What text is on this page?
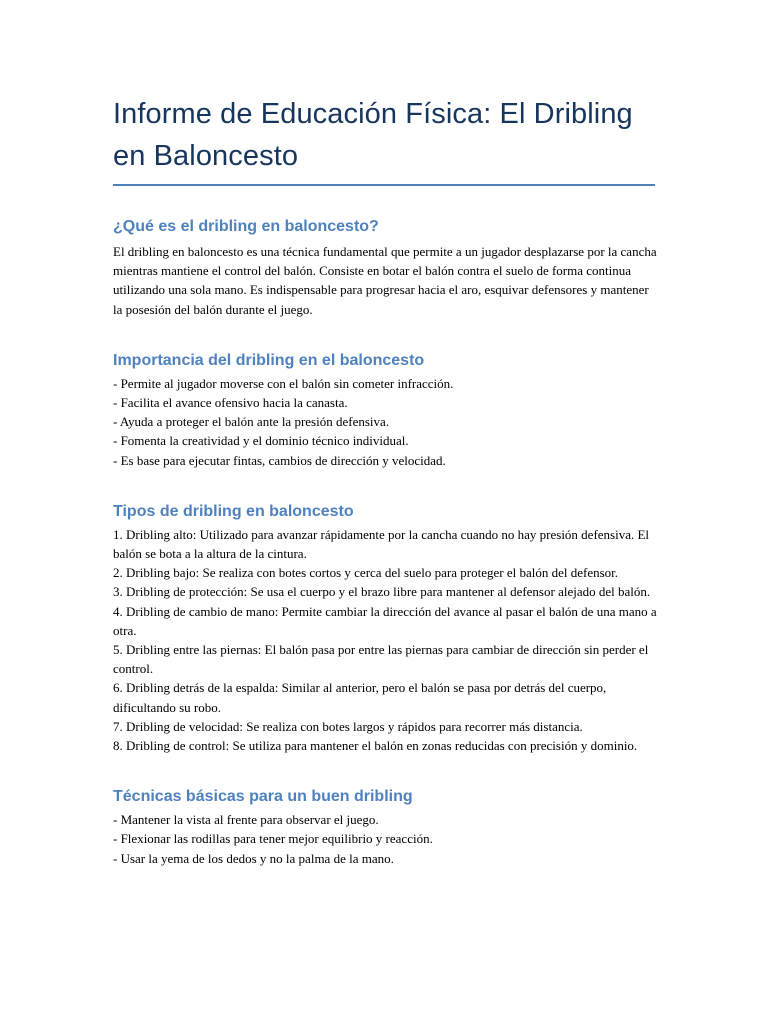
Informe de Educación Física: El Dribling en Baloncesto
¿Qué es el dribling en baloncesto?

El dribling en baloncesto es una técnica fundamental que permite a un jugador desplazarse por la cancha mientras mantiene el control del balón. Consiste en botar el balón contra el suelo de forma continua utilizando una sola mano. Es indispensable para progresar hacia el aro, esquivar defensores y mantener la posesión del balón durante el juego.

Importancia del dribling en el baloncesto

- Permite al jugador moverse con el balón sin cometer infracción.

- Facilita el avance ofensivo hacia la canasta.

- Ayuda a proteger el balón ante la presión defensiva.

- Fomenta la creatividad y el dominio técnico individual.

- Es base para ejecutar fintas, cambios de dirección y velocidad.

Tipos de dribling en baloncesto

1. Dribling alto: Utilizado para avanzar rápidamente por la cancha cuando no hay presión defensiva. El balón se bota a la altura de la cintura.

2. Dribling bajo: Se realiza con botes cortos y cerca del suelo para proteger el balón del defensor.

3. Dribling de protección: Se usa el cuerpo y el brazo libre para mantener al defensor alejado del balón.

4. Dribling de cambio de mano: Permite cambiar la dirección del avance al pasar el balón de una mano a otra.

5. Dribling entre las piernas: El balón pasa por entre las piernas para cambiar de dirección sin perder el control.

6. Dribling detrás de la espalda: Similar al anterior, pero el balón se pasa por detrás del cuerpo, dificultando su robo.

7. Dribling de velocidad: Se realiza con botes largos y rápidos para recorrer más distancia.

8. Dribling de control: Se utiliza para mantener el balón en zonas reducidas con precisión y dominio.

Técnicas básicas para un buen dribling

- Mantener la vista al frente para observar el juego.

- Flexionar las rodillas para tener mejor equilibrio y reacción.

- Usar la yema de los dedos y no la palma de la mano.
